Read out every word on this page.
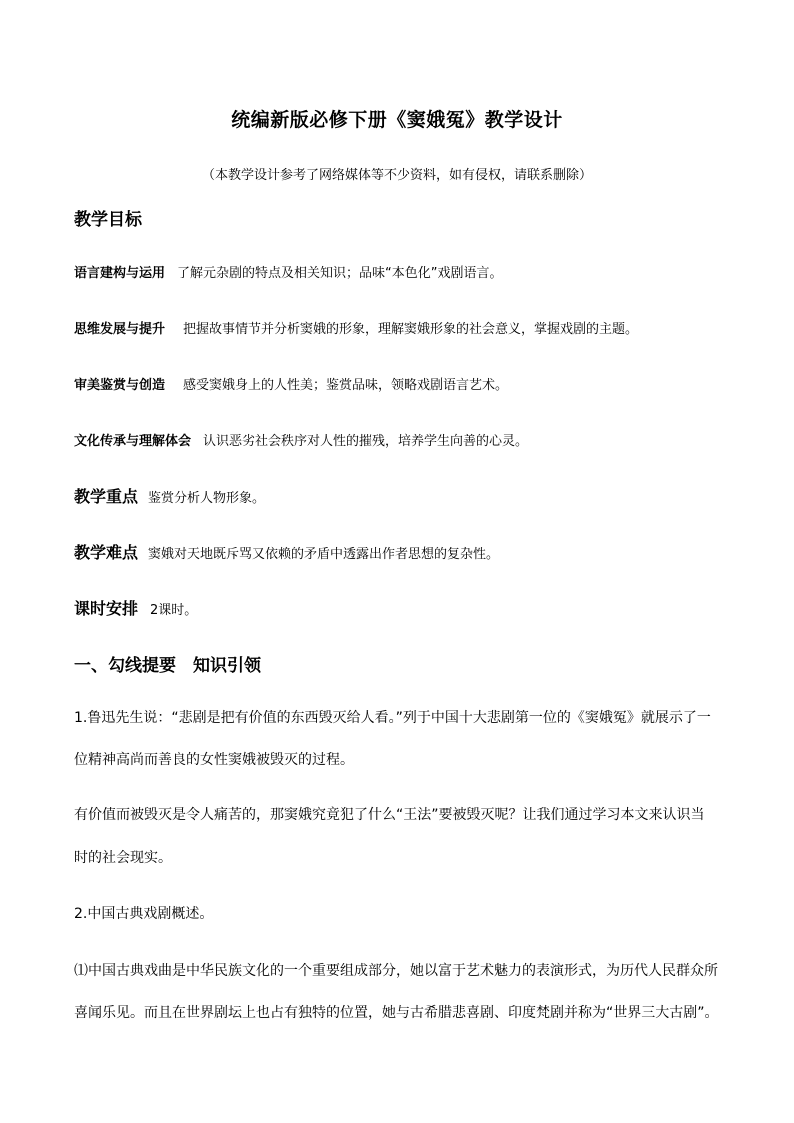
统编新版必修下册《窦娥冤》教学设计
（本教学设计参考了网络媒体等不少资料，如有侵权，请联系删除）
教学目标
语言建构与运用 了解元杂剧的特点及相关知识；品味“本色化”戏剧语言。
思维发展与提升 把握故事情节并分析窦娥的形象，理解窦娥形象的社会意义，掌握戏剧的主题。
审美鉴赏与创造 感受窦娥身上的人性美；鉴赏品味，领略戏剧语言艺术。
文化传承与理解体会 认识恶劣社会秩序对人性的摧残，培养学生向善的心灵。
教学重点 鉴赏分析人物形象。
教学难点 窦娥对天地既斥骂又依赖的矛盾中透露出作者思想的复杂性。
课时安排 2课时。
一、勾线提要　知识引领
1.鲁迅先生说：“悲剧是把有价值的东西毁灭给人看。”列于中国十大悲剧第一位的《窦娥冤》就展示了一
位精神高尚而善良的女性窦娥被毁灭的过程。
有价值而被毁灭是令人痛苦的，那窦娥究竟犯了什么“王法”要被毁灭呢？让我们通过学习本文来认识当
时的社会现实。
2.中国古典戏剧概述。
⑴中国古典戏曲是中华民族文化的一个重要组成部分，她以富于艺术魅力的表演形式，为历代人民群众所
喜闻乐见。而且在世界剧坛上也占有独特的位置，她与古希腊悲喜剧、印度梵剧并称为“世界三大古剧”。
